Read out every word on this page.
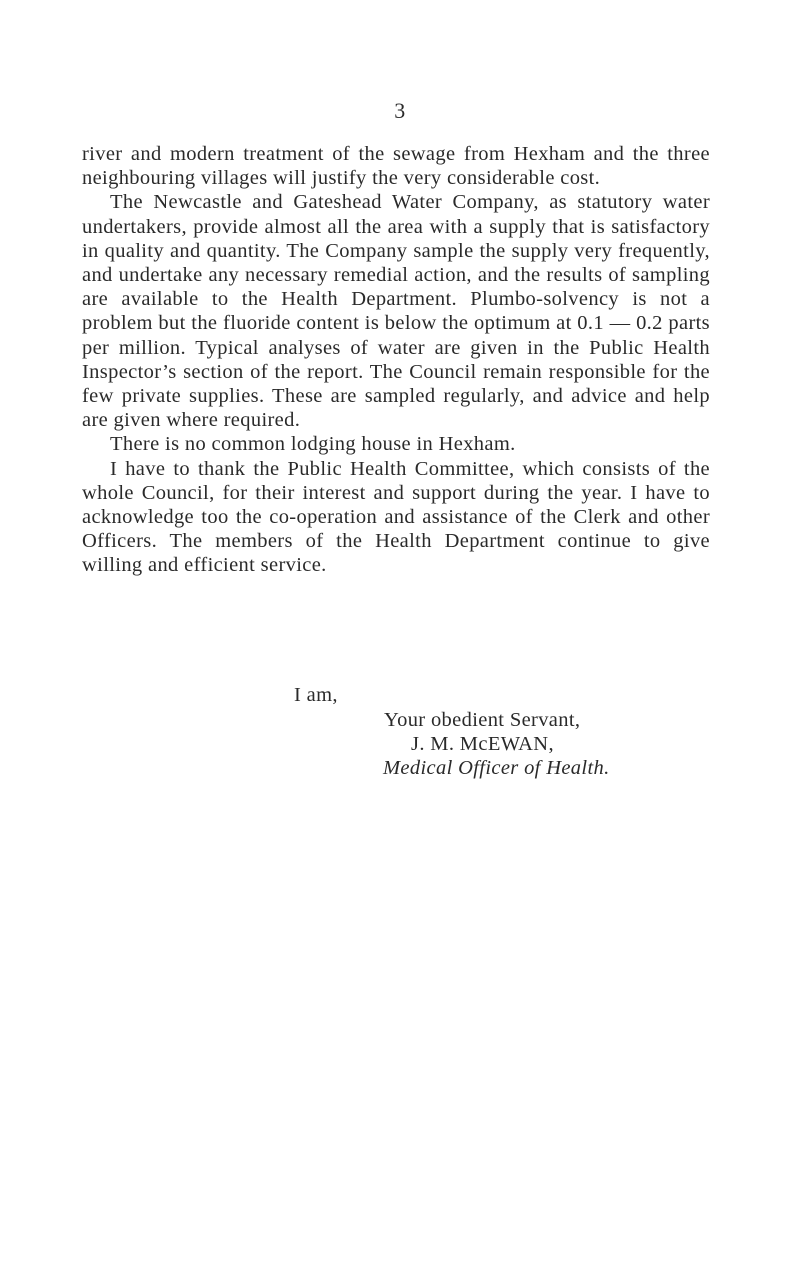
3

river and modern treatment of the sewage from Hexham and the three neighbouring villages will justify the very considerable cost.

The Newcastle and Gateshead Water Company, as statutory water undertakers, provide almost all the area with a supply that is satisfactory in quality and quantity. The Company sample the supply very frequently, and undertake any necessary remedial action, and the results of sampling are available to the Health Department. Plumbo-solvency is not a problem but the fluoride content is below the optimum at 0.1 — 0.2 parts per million. Typical analyses of water are given in the Public Health Inspector’s section of the report. The Council remain responsible for the few private supplies. These are sampled regularly, and advice and help are given where required.

There is no common lodging house in Hexham.

I have to thank the Public Health Committee, which consists of the whole Council, for their interest and support during the year. I have to acknowledge too the co-operation and assistance of the Clerk and other Officers. The members of the Health Department continue to give willing and efficient service.

I am,
Your obedient Servant,
J. M. McEWAN,
Medical Officer of Health.
